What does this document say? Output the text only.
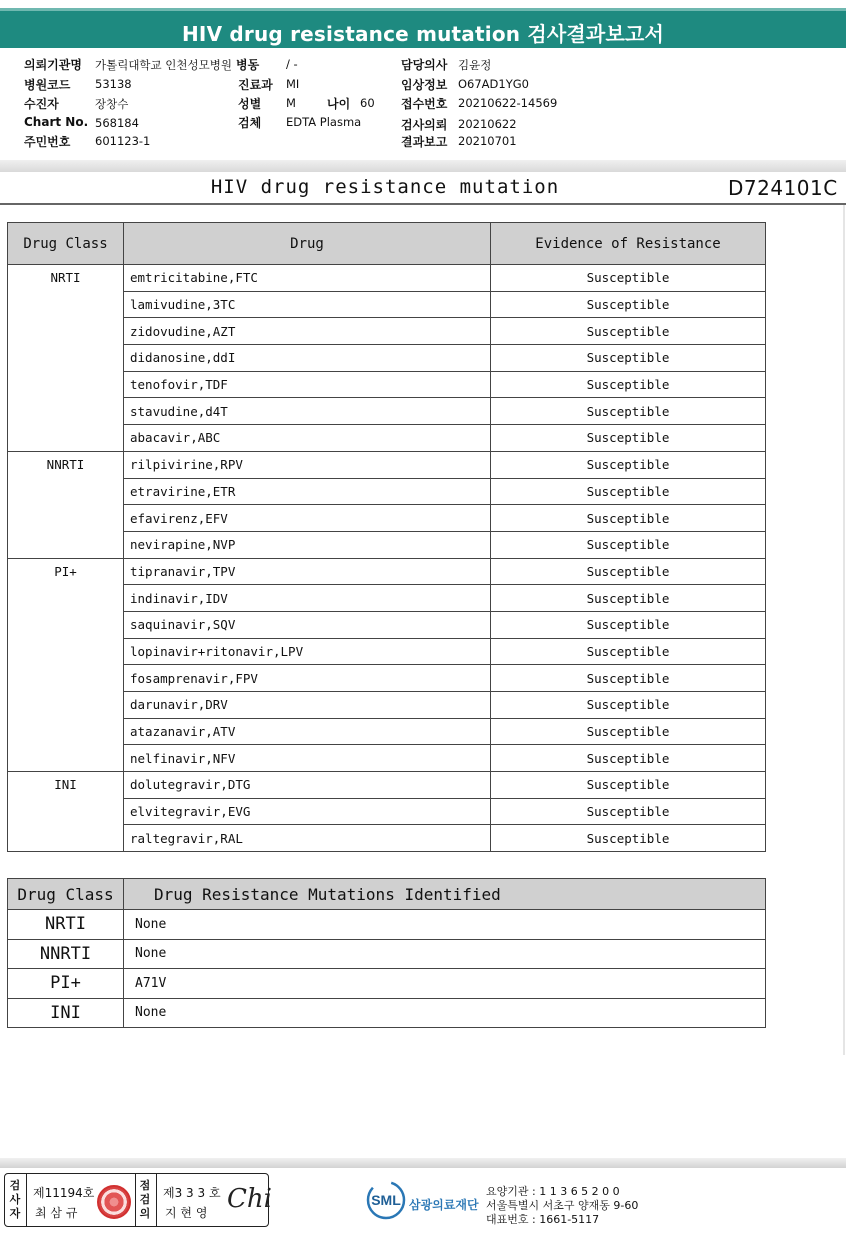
HIV drug resistance mutation 검사결과보고서
의뢰기관명 가톨릭대학교 인천성모병원
병원코드 53138
수진자	장창수
Chart No. 568184
주민번호 601123-1
병동 / -
진료과 MI
성별 M	나이 60
검체 EDTA Plasma
담당의사 김윤정
임상정보 O67AD1YG0
접수번호 20210622-14569
검사의뢰 20210622
결과보고 20210701
HIV drug resistance mutation	D724101C
Drug Class	Drug	Evidence of Resistance
NRTI	emtricitabine,FTC	Susceptible
	lamivudine,3TC	Susceptible
	zidovudine,AZT	Susceptible
	didanosine,ddI	Susceptible
	tenofovir,TDF	Susceptible
	stavudine,d4T	Susceptible
	abacavir,ABC	Susceptible
NNRTI	rilpivirine,RPV	Susceptible
	etravirine,ETR	Susceptible
	efavirenz,EFV	Susceptible
	nevirapine,NVP	Susceptible
PI+	tipranavir,TPV	Susceptible
	indinavir,IDV	Susceptible
	saquinavir,SQV	Susceptible
	lopinavir+ritonavir,LPV	Susceptible
	fosamprenavir,FPV	Susceptible
	darunavir,DRV	Susceptible
	atazanavir,ATV	Susceptible
	nelfinavir,NFV	Susceptible
INI	dolutegravir,DTG	Susceptible
	elvitegravir,EVG	Susceptible
	raltegravir,RAL	Susceptible
Drug Class	Drug Resistance Mutations Identified
NRTI	None
NNRTI	None
PI+	A71V
INI	None
검
사
자
제11194호
최 삼 규
점
검
의
제3 3 3 호
지 현 영 Chi	SML 삼광의료재단
요양기관 : 1 1 3 6 5 2 0 0
서울특별시 서초구 양재동 9-60
대표번호 : 1661-5117
